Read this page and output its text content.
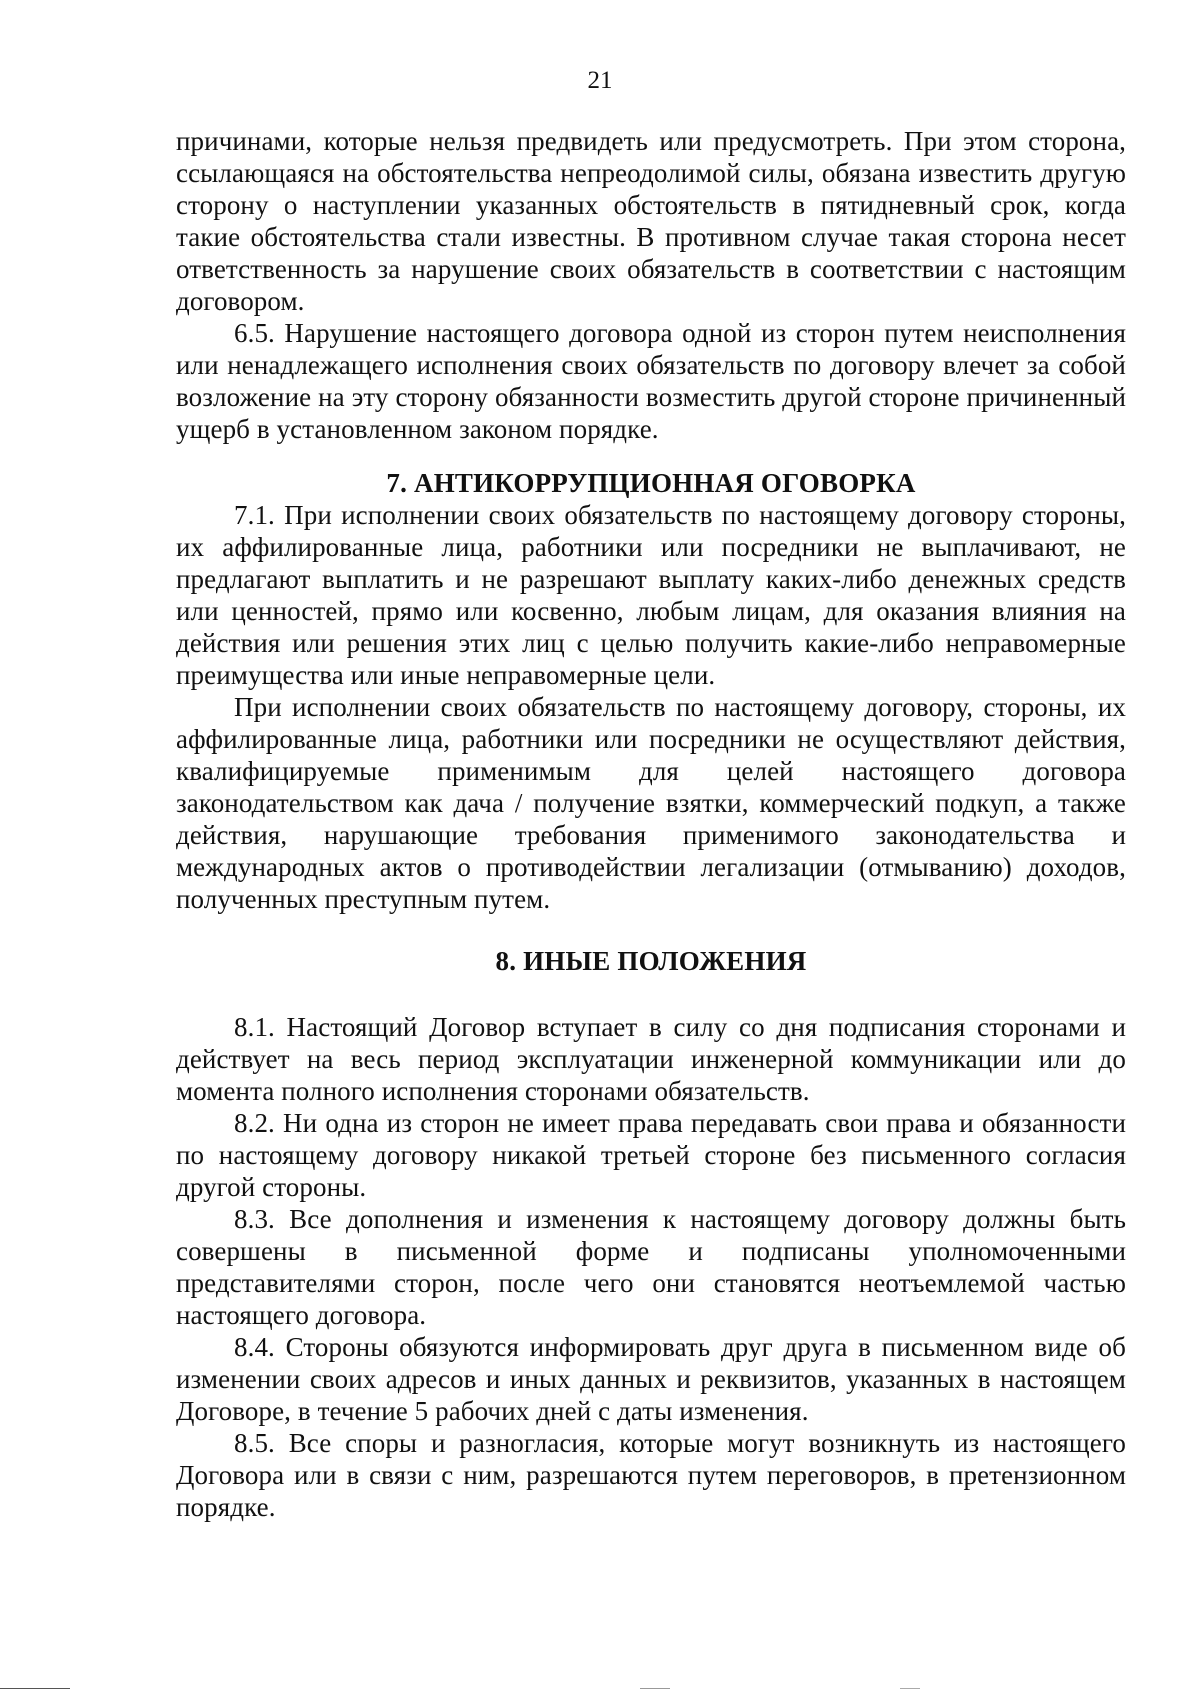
21

причинами, которые нельзя предвидеть или предусмотреть. При этом сторона, ссылающаяся на обстоятельства непреодолимой силы, обязана известить другую сторону о наступлении указанных обстоятельств в пятидневный срок, когда такие обстоятельства стали известны. В противном случае такая сторона несет ответственность за нарушение своих обязательств в соответствии с настоящим договором.

6.5. Нарушение настоящего договора одной из сторон путем неисполнения или ненадлежащего исполнения своих обязательств по договору влечет за собой возложение на эту сторону обязанности возместить другой стороне причиненный ущерб в установленном законом порядке.

7. АНТИКОРРУПЦИОННАЯ ОГОВОРКА

7.1. При исполнении своих обязательств по настоящему договору стороны, их аффилированные лица, работники или посредники не выплачивают, не предлагают выплатить и не разрешают выплату каких-либо денежных средств или ценностей, прямо или косвенно, любым лицам, для оказания влияния на действия или решения этих лиц с целью получить какие-либо неправомерные преимущества или иные неправомерные цели.

При исполнении своих обязательств по настоящему договору, стороны, их аффилированные лица, работники или посредники не осуществляют действия, квалифицируемые применимым для целей настоящего договора законодательством как дача / получение взятки, коммерческий подкуп, а также действия, нарушающие требования применимого законодательства и международных актов о противодействии легализации (отмыванию) доходов, полученных преступным путем.

8. ИНЫЕ ПОЛОЖЕНИЯ

8.1. Настоящий Договор вступает в силу со дня подписания сторонами и действует на весь период эксплуатации инженерной коммуникации или до момента полного исполнения сторонами обязательств.

8.2. Ни одна из сторон не имеет права передавать свои права и обязанности по настоящему договору никакой третьей стороне без письменного согласия другой стороны.

8.3. Все дополнения и изменения к настоящему договору должны быть совершены в письменной форме и подписаны уполномоченными представителями сторон, после чего они становятся неотъемлемой частью настоящего договора.

8.4. Стороны обязуются информировать друг друга в письменном виде об изменении своих адресов и иных данных и реквизитов, указанных в настоящем Договоре, в течение 5 рабочих дней с даты изменения.

8.5. Все споры и разногласия, которые могут возникнуть из настоящего Договора или в связи с ним, разрешаются путем переговоров, в претензионном порядке.
